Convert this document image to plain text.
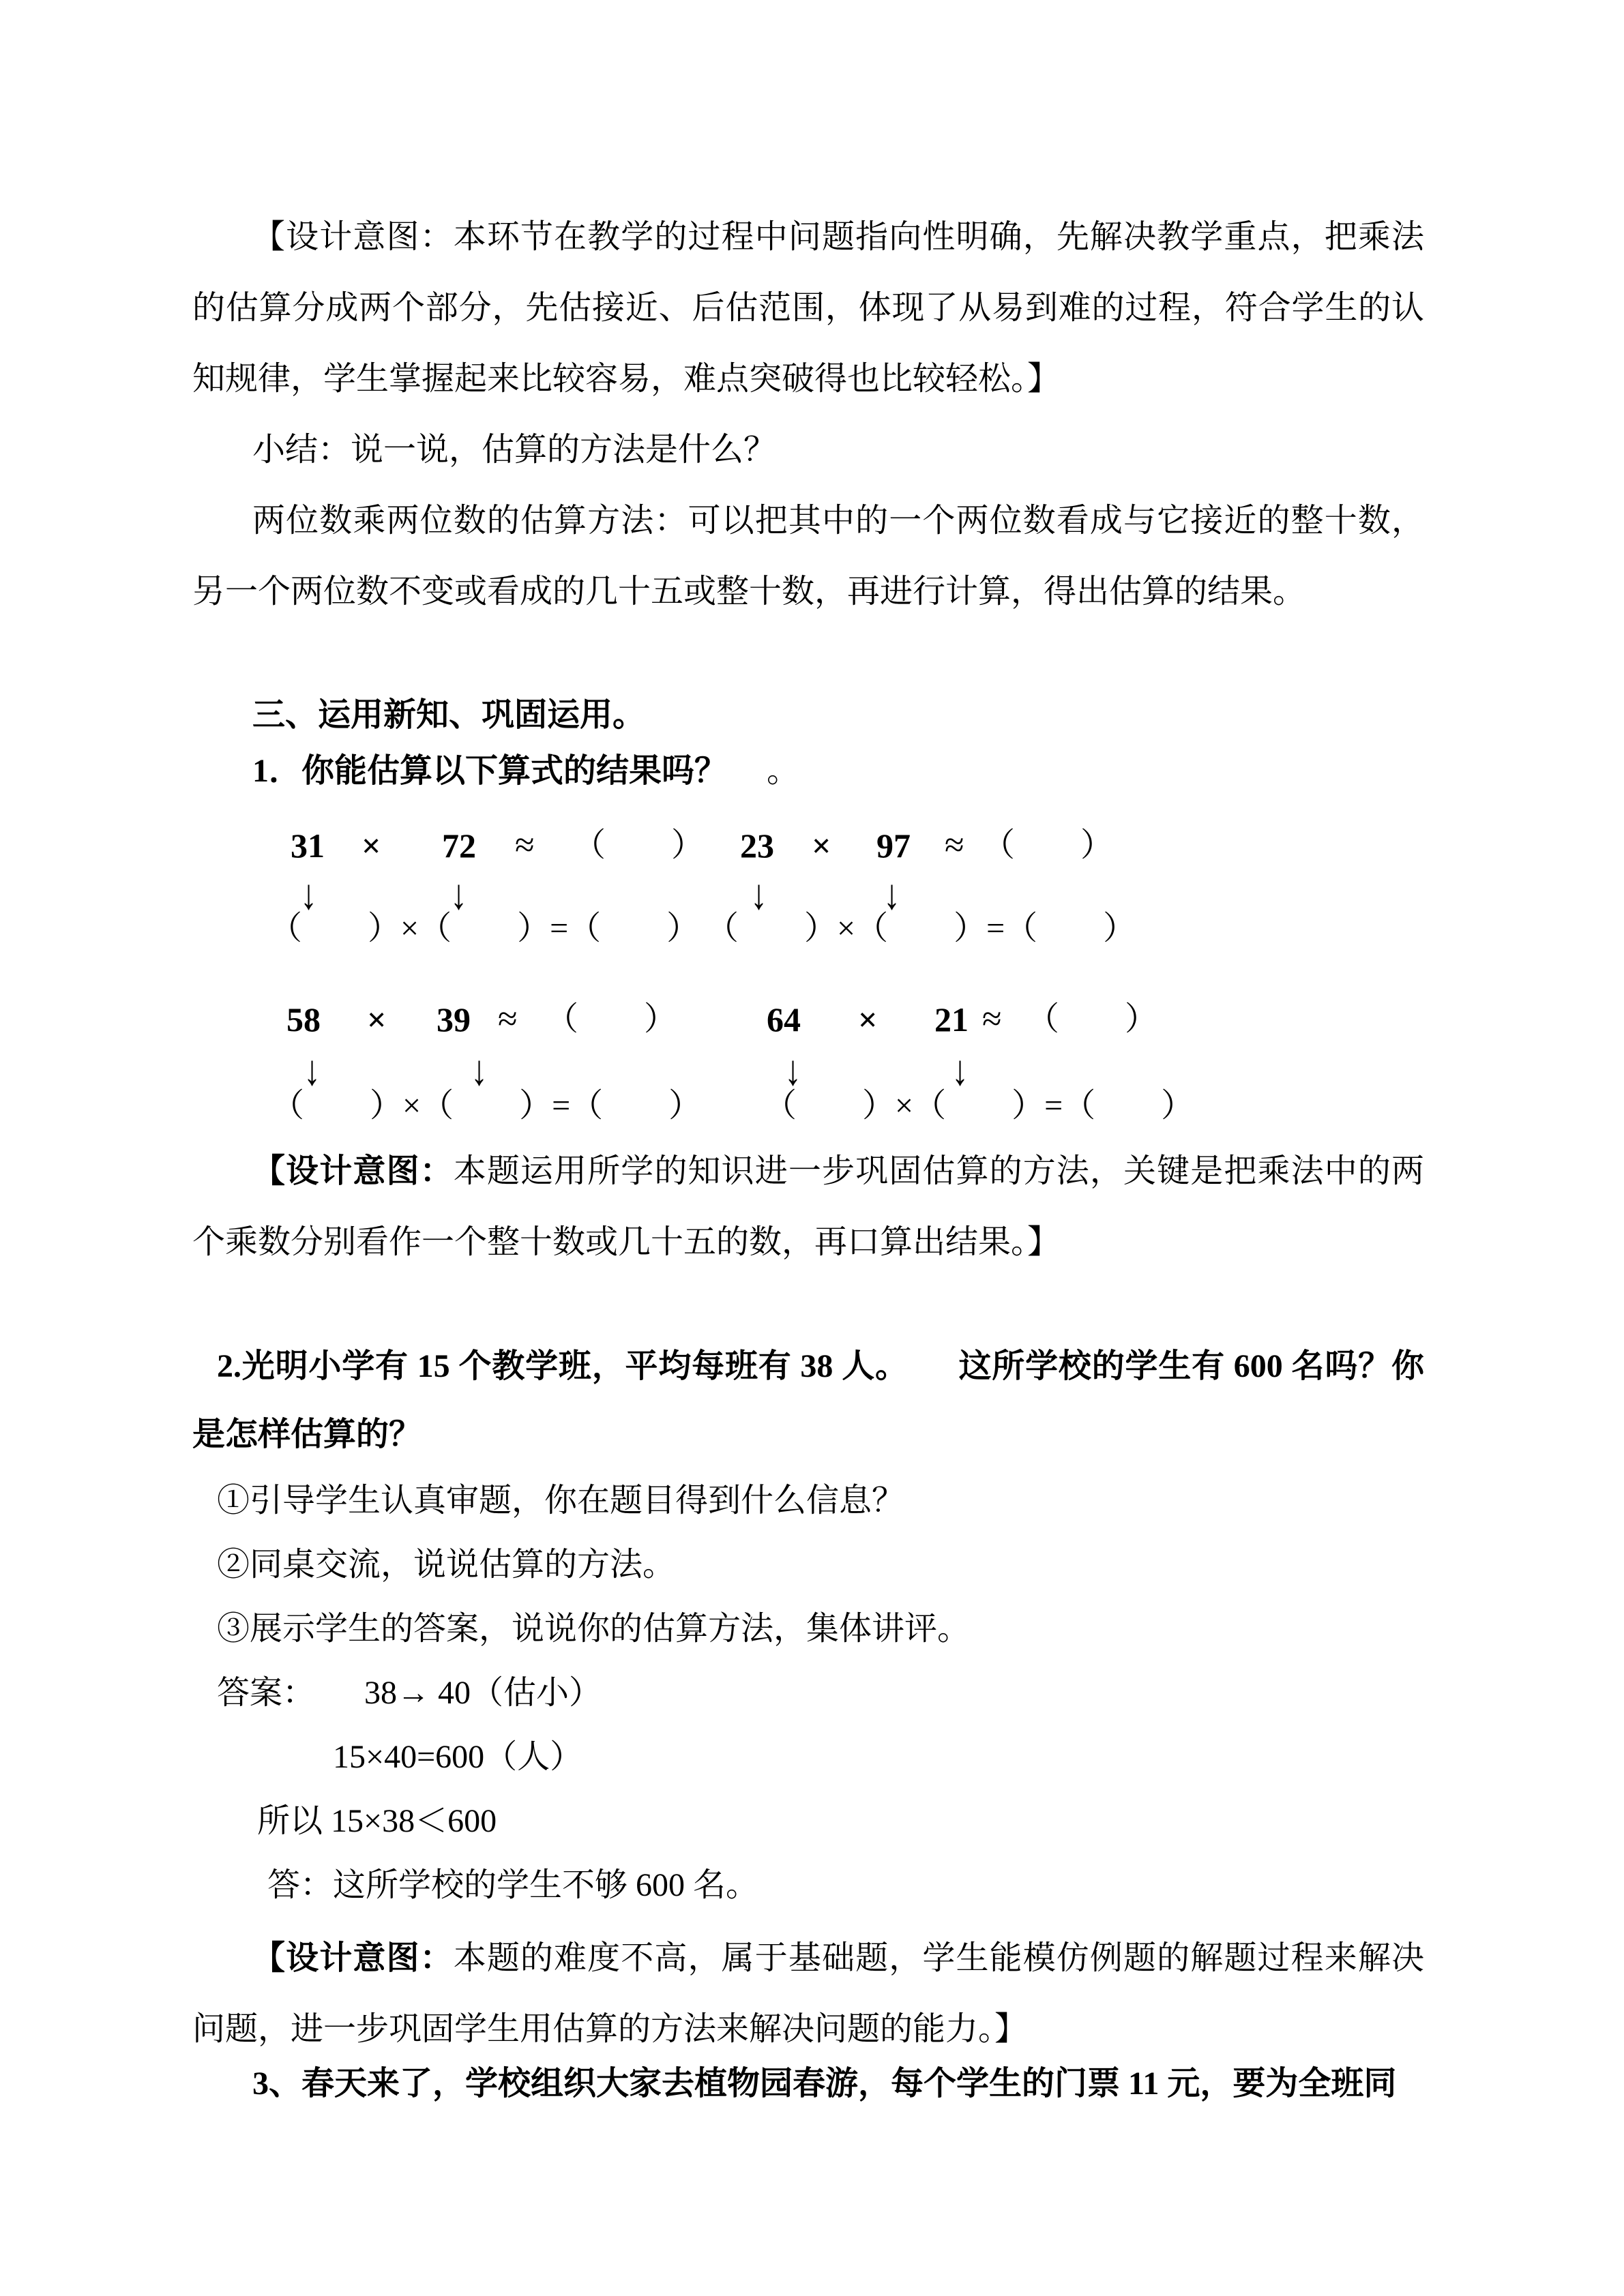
【设计意图：本环节在教学的过程中问题指向性明确，先解决教学重点，把乘法的估算分成两个部分，先估接近、后估范围，体现了从易到难的过程，符合学生的认知规律，学生掌握起来比较容易，难点突破得也比较轻松。】

小结：说一说，估算的方法是什么？

两位数乘两位数的估算方法：可以把其中的一个两位数看成与它接近的整十数，另一个两位数不变或看成的几十五或整十数，再进行计算，得出估算的结果。

三、运用新知、巩固运用。

1．你能估算以下算式的结果吗？ 。

31 × 72 ≈ （　　） 23 × 97 ≈ （　　）
↓	↓	↓	↓
（　　）×（　　）=（　　） （　　）×（　　）=（　　）
58 × 39 ≈ （　　）	64 × 21 ≈ （　　）
↓	↓	↓	↓
（　　）×（　　）=（　　） （　　）×（　　）=（　　）

【设计意图：本题运用所学的知识进一步巩固估算的方法，关键是把乘法中的两个乘数分别看作一个整十数或几十五的数，再口算出结果。】

2.光明小学有 15 个教学班，平均每班有 38 人。　　这所学校的学生有 600 名吗？你是怎样估算的？

①引导学生认真审题，你在题目得到什么信息？

②同桌交流，说说估算的方法。

③展示学生的答案，说说你的估算方法，集体讲评。

答案：　　38→ 40（估小）

15×40=600（人）

所以 15×38＜600

答：这所学校的学生不够 600 名。

【设计意图：本题的难度不高，属于基础题，学生能模仿例题的解题过程来解决问题，进一步巩固学生用估算的方法来解决问题的能力。】

3、春天来了，学校组织大家去植物园春游，每个学生的门票 11 元，要为全班同
